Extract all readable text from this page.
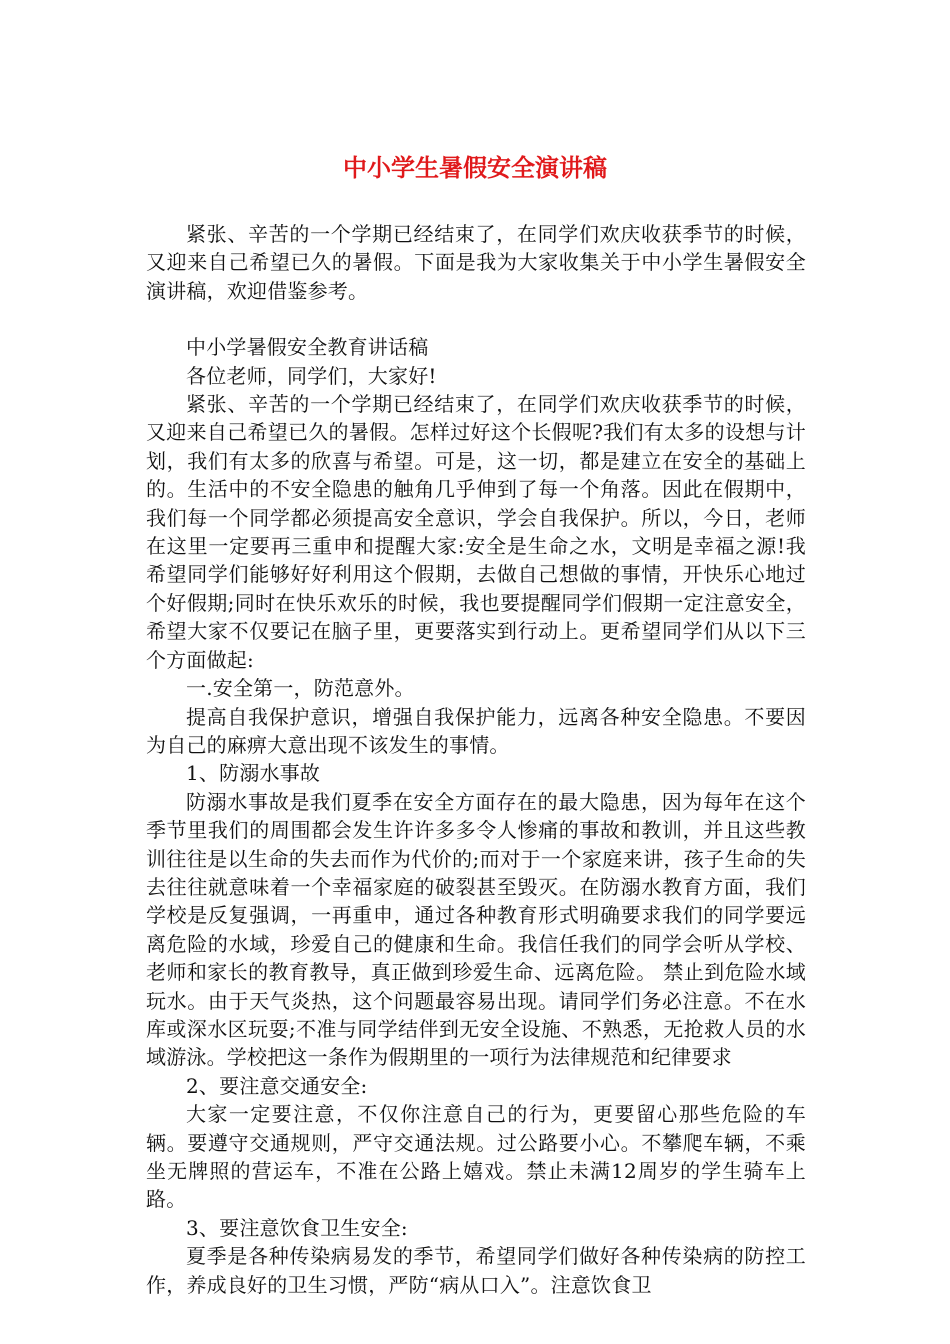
中小学生暑假安全演讲稿

紧张、辛苦的一个学期已经结束了，在同学们欢庆收获季节的时候，又迎来自己希望已久的暑假。下面是我为大家收集关于中小学生暑假安全演讲稿，欢迎借鉴参考。

中小学暑假安全教育讲话稿

各位老师，同学们，大家好!

紧张、辛苦的一个学期已经结束了，在同学们欢庆收获季节的时候，又迎来自己希望已久的暑假。怎样过好这个长假呢?我们有太多的设想与计划，我们有太多的欣喜与希望。可是，这一切，都是建立在安全的基础上的。生活中的不安全隐患的触角几乎伸到了每一个角落。因此在假期中，我们每一个同学都必须提高安全意识，学会自我保护。所以，今日，老师在这里一定要再三重申和提醒大家:安全是生命之水，文明是幸福之源!我希望同学们能够好好利用这个假期，去做自己想做的事情，开快乐心地过个好假期;同时在快乐欢乐的时候，我也要提醒同学们假期一定注意安全，希望大家不仅要记在脑子里，更要落实到行动上。更希望同学们从以下三个方面做起:

一.安全第一，防范意外。

提高自我保护意识，增强自我保护能力，远离各种安全隐患。不要因为自己的麻痹大意出现不该发生的事情。

1、防溺水事故

防溺水事故是我们夏季在安全方面存在的最大隐患，因为每年在这个季节里我们的周围都会发生许许多多令人惨痛的事故和教训，并且这些教训往往是以生命的失去而作为代价的;而对于一个家庭来讲，孩子生命的失去往往就意味着一个幸福家庭的破裂甚至毁灭。在防溺水教育方面，我们学校是反复强调，一再重申，通过各种教育形式明确要求我们的同学要远离危险的水域，珍爱自己的健康和生命。我信任我们的同学会听从学校、老师和家长的教育教导，真正做到珍爱生命、远离危险。 禁止到危险水域玩水。由于天气炎热，这个问题最容易出现。请同学们务必注意。不在水库或深水区玩耍;不准与同学结伴到无安全设施、不熟悉，无抢救人员的水域游泳。学校把这一条作为假期里的一项行为法律规范和纪律要求

2、要注意交通安全:

大家一定要注意，不仅你注意自己的行为，更要留心那些危险的车辆。要遵守交通规则，严守交通法规。过公路要小心。不攀爬车辆，不乘坐无牌照的营运车，不准在公路上嬉戏。禁止未满12周岁的学生骑车上路。

3、要注意饮食卫生安全:

夏季是各种传染病易发的季节，希望同学们做好各种传染病的防控工作，养成良好的卫生习惯，严防“病从口入”。注意饮食卫
